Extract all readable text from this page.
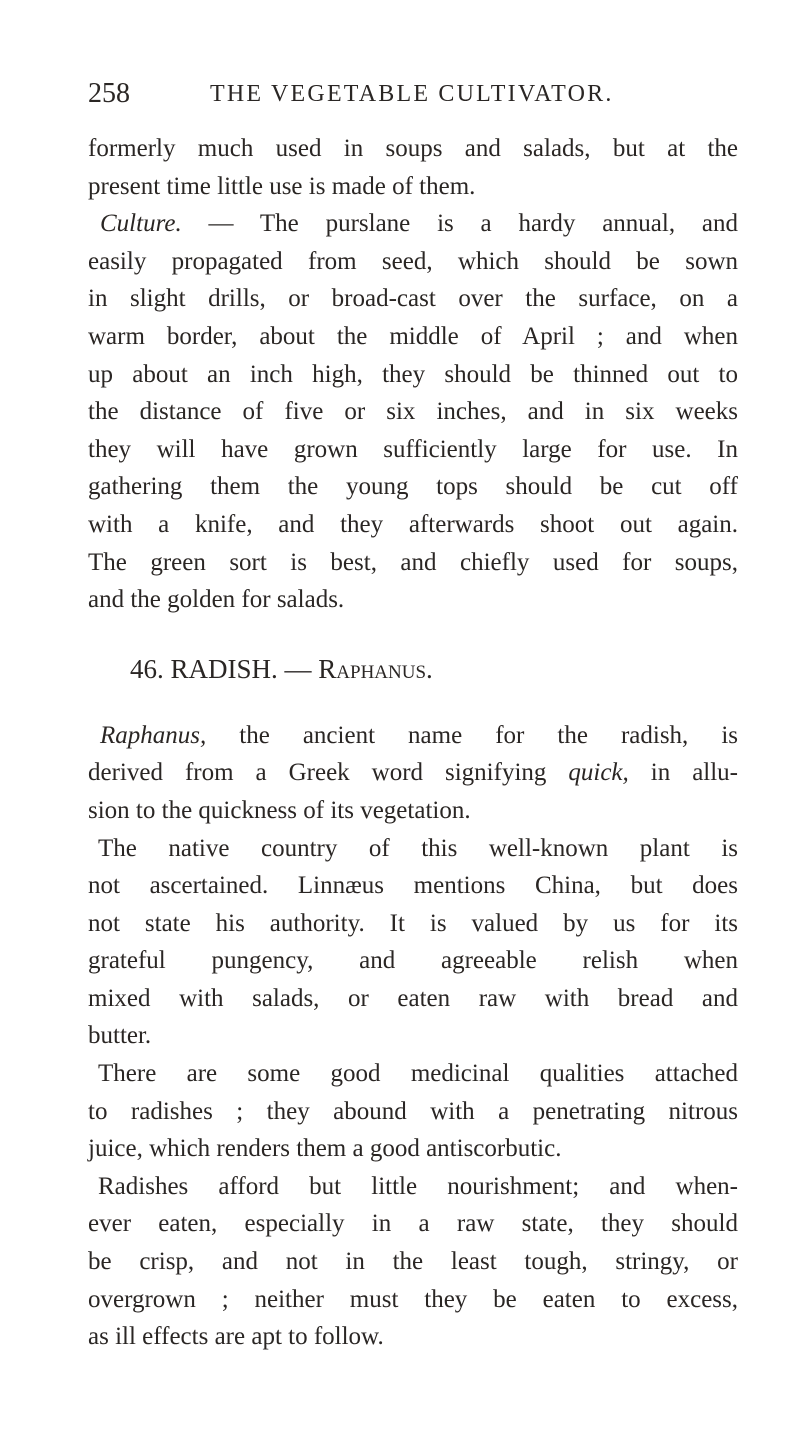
258	THE VEGETABLE CULTIVATOR.
formerly much used in soups and salads, but at the
present time little use is made of them.
Culture. — The purslane is a hardy annual, and
easily propagated from seed, which should be sown
in slight drills, or broad-cast over the surface, on a
warm border, about the middle of April ; and when
up about an inch high, they should be thinned out to
the distance of five or six inches, and in six weeks
they will have grown sufficiently large for use. In
gathering them the young tops should be cut off
with a knife, and they afterwards shoot out again.
The green sort is best, and chiefly used for soups,
and the golden for salads.
46. RADISH. — Raphanus.
Raphanus, the ancient name for the radish, is
derived from a Greek word signifying quick, in allu-
sion to the quickness of its vegetation.
The native country of this well-known plant is
not ascertained. Linnæus mentions China, but does
not state his authority. It is valued by us for its
grateful pungency, and agreeable relish when
mixed with salads, or eaten raw with bread and
butter.
There are some good medicinal qualities attached
to radishes ; they abound with a penetrating nitrous
juice, which renders them a good antiscorbutic.
Radishes afford but little nourishment; and when-
ever eaten, especially in a raw state, they should
be crisp, and not in the least tough, stringy, or
overgrown ; neither must they be eaten to excess,
as ill effects are apt to follow.
